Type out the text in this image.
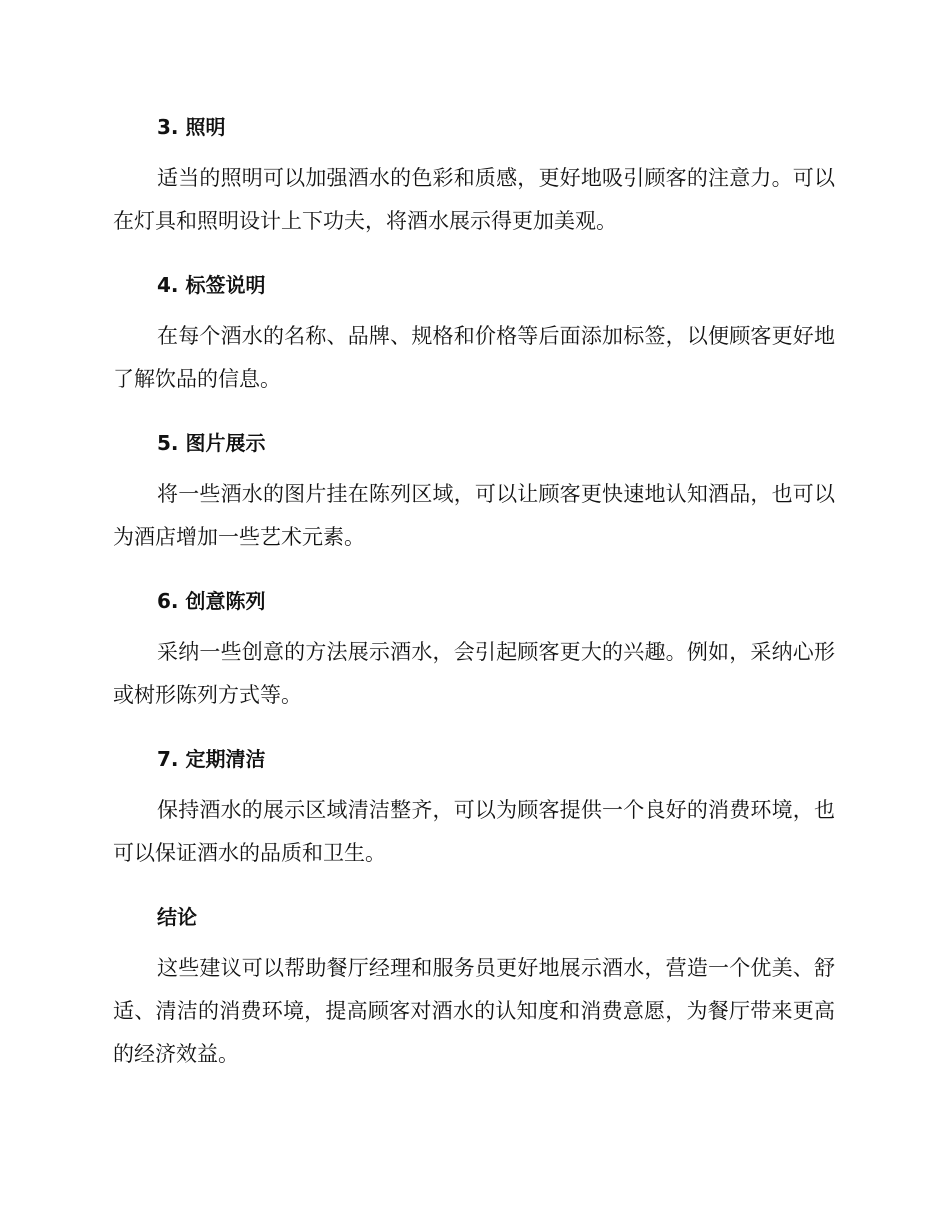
3. 照明

适当的照明可以加强酒水的色彩和质感，更好地吸引顾客的注意力。可以在灯具和照明设计上下功夫，将酒水展示得更加美观。

4. 标签说明

在每个酒水的名称、品牌、规格和价格等后面添加标签，以便顾客更好地了解饮品的信息。

5. 图片展示

将一些酒水的图片挂在陈列区域，可以让顾客更快速地认知酒品，也可以为酒店增加一些艺术元素。

6. 创意陈列

采纳一些创意的方法展示酒水，会引起顾客更大的兴趣。例如，采纳心形或树形陈列方式等。

7. 定期清洁

保持酒水的展示区域清洁整齐，可以为顾客提供一个良好的消费环境，也可以保证酒水的品质和卫生。

结论

这些建议可以帮助餐厅经理和服务员更好地展示酒水，营造一个优美、舒适、清洁的消费环境，提高顾客对酒水的认知度和消费意愿，为餐厅带来更高的经济效益。
